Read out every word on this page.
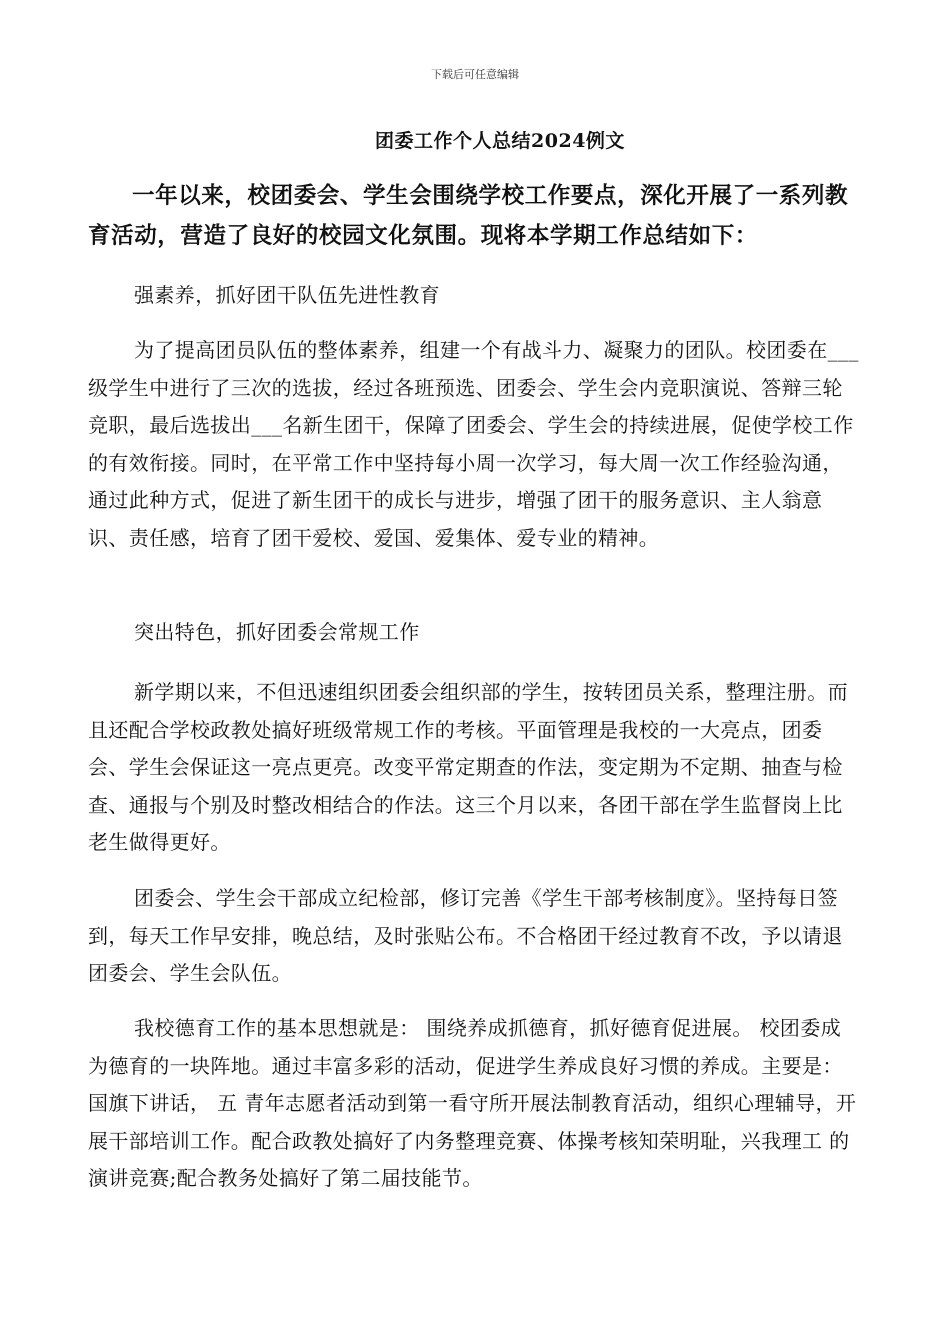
下载后可任意编辑
团委工作个人总结2024例文
一年以来，校团委会、学生会围绕学校工作要点，深化开展了一系列教育活动，营造了良好的校园文化氛围。现将本学期工作总结如下：
强素养，抓好团干队伍先进性教育
为了提高团员队伍的整体素养，组建一个有战斗力、凝聚力的团队。校团委在___级学生中进行了三次的选拔，经过各班预选、团委会、学生会内竞职演说、答辩三轮竞职，最后选拔出___名新生团干，保障了团委会、学生会的持续进展，促使学校工作的有效衔接。同时，在平常工作中坚持每小周一次学习，每大周一次工作经验沟通，通过此种方式，促进了新生团干的成长与进步，增强了团干的服务意识、主人翁意识、责任感，培育了团干爱校、爱国、爱集体、爱专业的精神。
突出特色，抓好团委会常规工作
新学期以来，不但迅速组织团委会组织部的学生，按转团员关系，整理注册。而且还配合学校政教处搞好班级常规工作的考核。平面管理是我校的一大亮点，团委会、学生会保证这一亮点更亮。改变平常定期查的作法，变定期为不定期、抽查与检查、通报与个别及时整改相结合的作法。这三个月以来，各团干部在学生监督岗上比老生做得更好。
团委会、学生会干部成立纪检部，修订完善《学生干部考核制度》。坚持每日签到，每天工作早安排，晚总结，及时张贴公布。不合格团干经过教育不改，予以请退团委会、学生会队伍。
我校德育工作的基本思想就是： 围绕养成抓德育，抓好德育促进展。 校团委成为德育的一块阵地。通过丰富多彩的活动，促进学生养成良好习惯的养成。主要是：国旗下讲话， 五 青年志愿者活动到第一看守所开展法制教育活动，组织心理辅导，开展干部培训工作。配合政教处搞好了内务整理竞赛、体操考核知荣明耻，兴我理工 的演讲竞赛;配合教务处搞好了第二届技能节。
